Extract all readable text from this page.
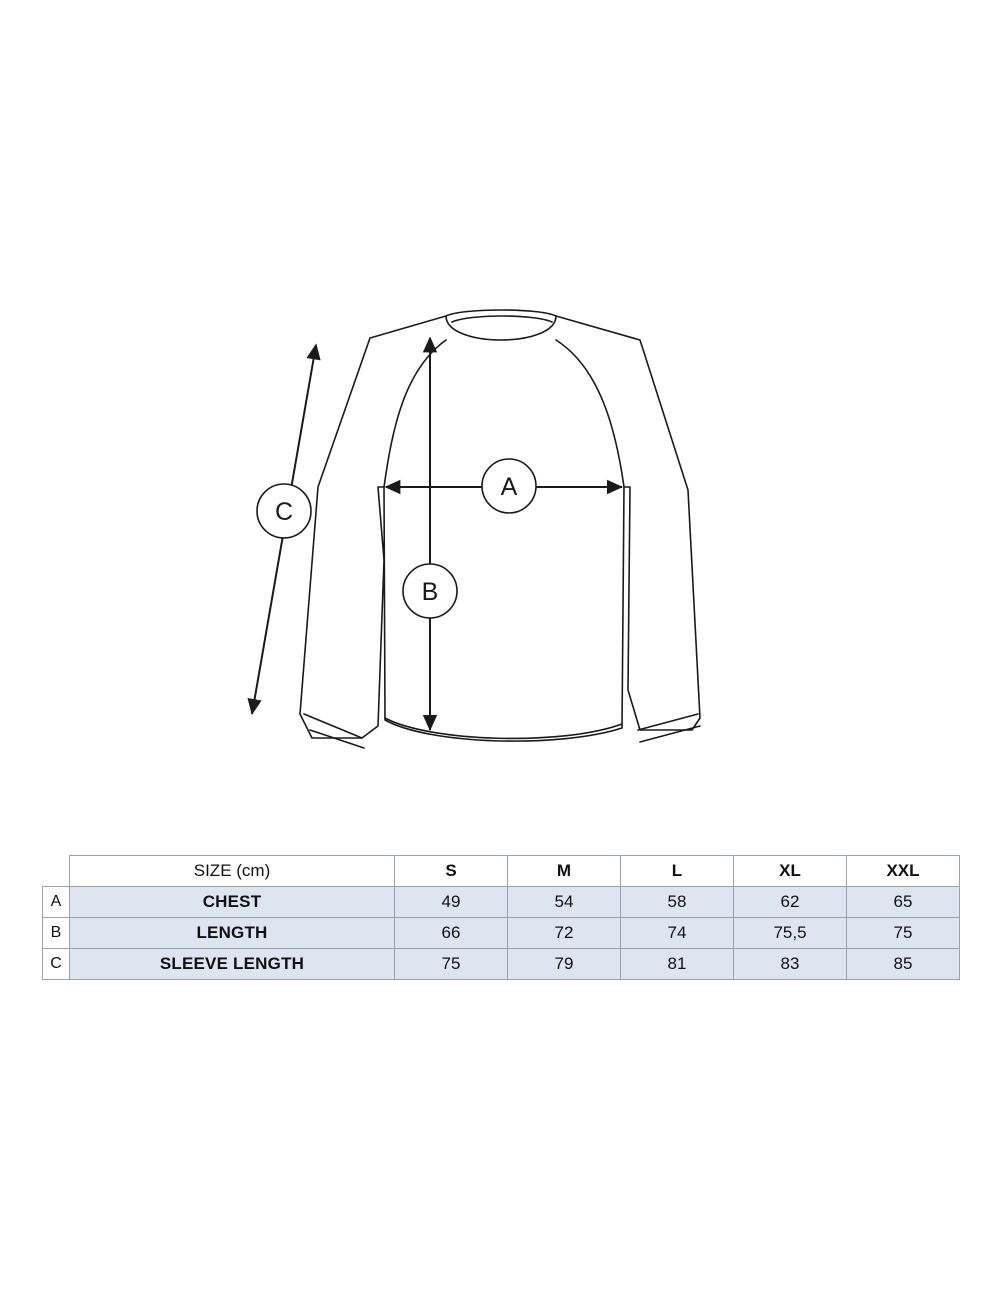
A
B
C
	SIZE (cm)	S	M	L	XL	XXL
A	CHEST	49	54	58	62	65
B	LENGTH	66	72	74	75,5	75
C	SLEEVE LENGTH	75	79	81	83	85
